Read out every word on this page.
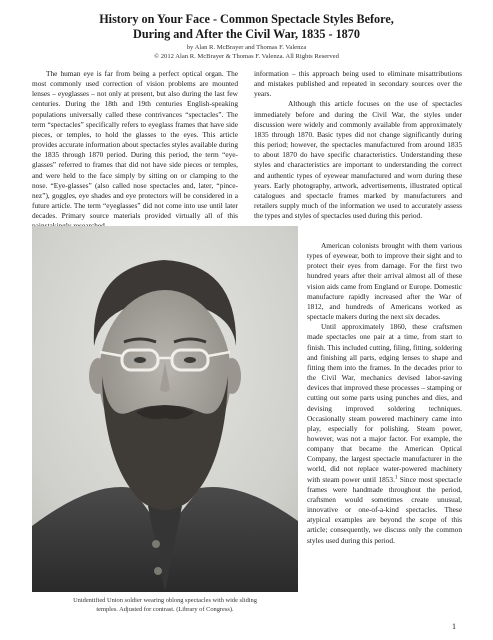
History on Your Face - Common Spectacle Styles Before,
During and After the Civil War, 1835 - 1870
by Alan R. McBrayer and Thomas F. Valenza
© 2012 Alan R. McBrayer & Thomas F. Valenza. All Rights Reserved

The human eye is far from being a perfect optical organ. The most commonly used correction of vision problems are mounted lenses – eyeglasses – not only at present, but also during the last few centuries. During the 18th and 19th centuries English-speaking populations universally called these contrivances “spectacles”. The term “spectacles” specifically refers to eyeglass frames that have side pieces, or temples, to hold the glasses to the eyes. This article provides accurate information about spectacles styles available during the 1835 through 1870 period. During this period, the term “eye-glasses” referred to frames that did not have side pieces or temples, and were held to the face simply by sitting on or clamping to the nose. “Eye-glasses” (also called nose spectacles and, later, “pince-nez”), goggles, eye shades and eye protectors will be considered in a future article. The term “eyeglasses” did not come into use until later decades. Primary source materials provided virtually all of this

information – this approach being used to eliminate misattributions and mistakes published and repeated in secondary sources over the years.

Although this article focuses on the use of spectacles immediately before and during the Civil War, the styles under discussion were widely and commonly available from approximately 1835 through 1870. Basic types did not change significantly during this period; however, the spectacles manufactured from around 1835 to about 1870 do have specific characteristics. Understanding these styles and characteristics are important to understanding the correct and authentic types of eyewear manufactured and worn during these years. Early photography, artwork, advertisements, illustrated optical catalogues and spectacle frames marked by manufacturers and retailers supply much of the information we used to accurately assess the types and styles of spectacles used during this period.

American colonists brought with them various types of eyewear, both to improve their sight and to protect their eyes from damage. For the first two hundred years after their arrival almost all of these vision aids came from England or Europe. Domestic manufacture rapidly increased after the War of 1812, and hundreds of Americans worked as spectacle makers during the next six decades.

Until approximately 1860, these craftsmen made spectacles one pair at a time, from start to finish. This included cutting, filing, fitting, soldering and finishing all parts, edging lenses to shape and fitting them into the frames. In the decades prior to the Civil War, mechanics devised labor-saving devices that improved these processes – stamping or cutting out some parts using punches and dies, and devising improved soldering techniques. Occasionally steam powered machinery came into play, especially for polishing. Steam power, however, was not a major factor. For example, the company that became the American Optical Company, the largest spectacle manufacturer in the world, did not replace water-powered machinery with steam power until 1853.$^1$ Since most spectacle frames were handmade throughout the period, craftsmen would sometimes create unusual, innovative or one-of-a-kind spectacles. These atypical examples are beyond the scope of this article; consequently, we discuss only the common styles used during this period.

Unidentified Union soldier wearing oblong spectacles with wide sliding
temples. Adjusted for contrast. (Library of Congress).
1
